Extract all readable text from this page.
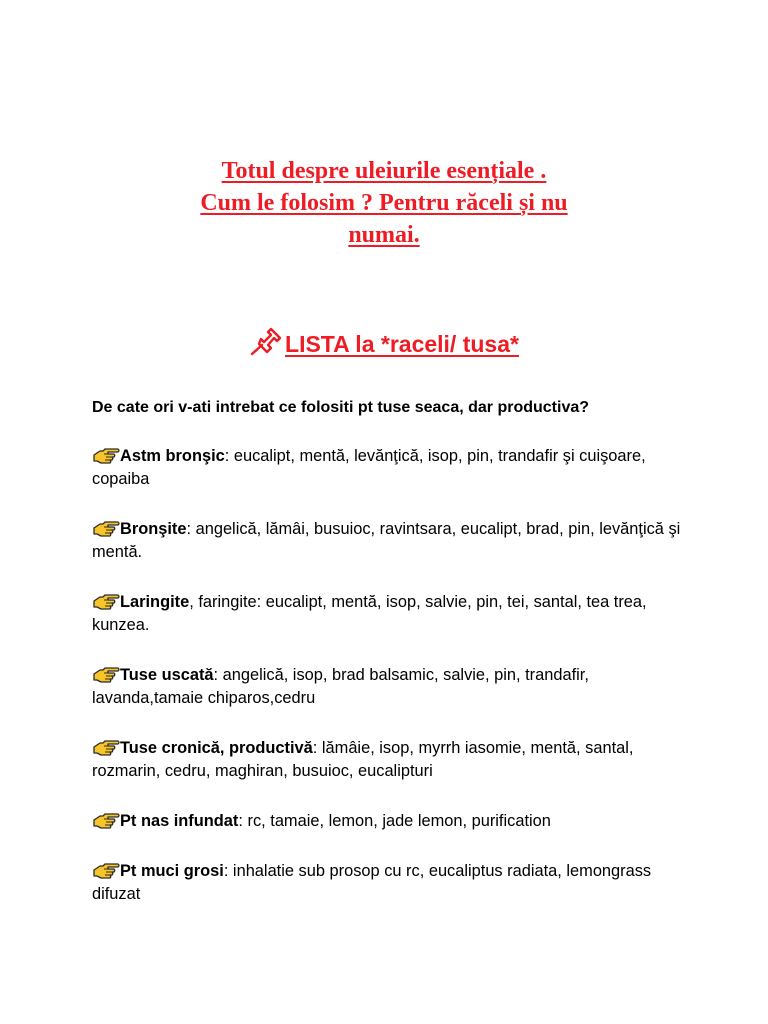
Totul despre uleiurile esențiale .
Cum le folosim ? Pentru răceli și nu
numai.
LISTA la *raceli/ tusa*
De cate ori v-ati intrebat ce folositi pt tuse seaca, dar productiva?
Astm bronşic: eucalipt, mentă, levănţică, isop, pin, trandafir şi cuişoare, copaiba
Bronşite: angelică, lămâi, busuioc, ravintsara, eucalipt, brad, pin, levănţică şi mentă.
Laringite, faringite: eucalipt, mentă, isop, salvie, pin, tei, santal, tea trea, kunzea.
Tuse uscată: angelică, isop, brad balsamic, salvie, pin, trandafir, lavanda,tamaie chiparos,cedru
Tuse cronică, productivă: lămâie, isop, myrrh iasomie, mentă, santal, rozmarin, cedru, maghiran, busuioc, eucalipturi
Pt nas infundat: rc, tamaie, lemon, jade lemon, purification
Pt muci grosi: inhalatie sub prosop cu rc, eucaliptus radiata, lemongrass difuzat
